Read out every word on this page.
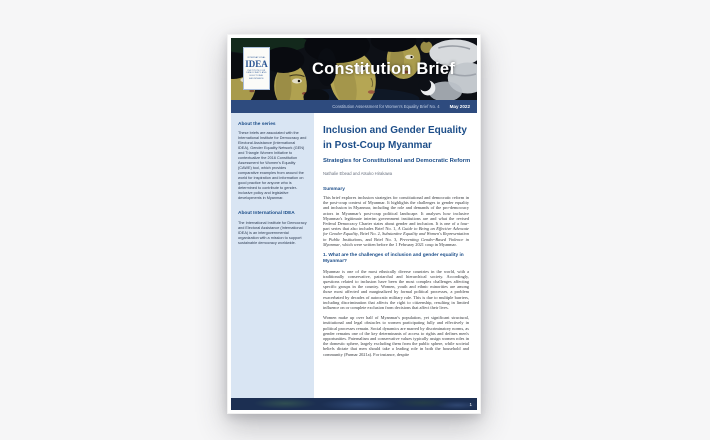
INTERNATIONAL
IDEA
INSTITUTE FOR DEMOCRACY AND ELECTORAL ASSISTANCE
Constitution Brief
Constitution Assessment for Women's Equality Brief No. 4 May 2022
About the series

These briefs are associated with the International Institute for Democracy and Electoral Assistance (International IDEA), Gender Equality Network (GEN) and Triangle Women Initiative to contextualize the 2016 Constitution Assessment for Women's Equality (CAWE) tool, which provides comparative examples from around the world for inspiration and information on good practice for anyone who is determined to contribute to gender-inclusive policy and legislative developments in Myanmar.

About International IDEA

The International Institute for Democracy and Electoral Assistance (International IDEA) is an intergovernmental organization with a mission to support sustainable democracy worldwide.

Inclusion and Gender Equality
in Post-Coup Myanmar
Strategies for Constitutional and Democratic Reform
Nathalie Ebead and Atsuko Hirakawa
Summary

This brief explores inclusion strategies for constitutional and democratic reform in the post-coup context of Myanmar. It highlights the challenges to gender equality and inclusion in Myanmar, including the role and demands of the pro-democracy actors in Myanmar's post-coup political landscape. It analyses how inclusive Myanmar's legitimate interim government institutions are and what the revised Federal Democracy Charter states about gender and inclusion. It is one of a four-part series that also includes Brief No. 1, A Guide to Being an Effective Advocate for Gender Equality, Brief No. 2, Substantive Equality and Women's Representation in Public Institutions, and Brief No. 3, Preventing Gender-Based Violence in Myanmar, which were written before the 1 February 2021 coup in Myanmar.

1. What are the challenges of inclusion and gender equality in Myanmar?

Myanmar is one of the most ethnically diverse countries in the world, with a traditionally conservative, patriarchal and hierarchical society. Accordingly, questions related to inclusion have been the most complex challenges affecting specific groups in the country. Women, youth and ethnic minorities are among those most affected and marginalized by formal political processes, a problem exacerbated by decades of autocratic military rule. This is due to multiple barriers, including discrimination that affects the right to citizenship, resulting in limited influence on or complete exclusion from decisions that affect their lives.

Women make up over half of Myanmar's population, yet significant structural, institutional and legal obstacles to women participating fully and effectively in political processes remain. Social dynamics are marred by discriminatory norms, as gender remains one of the key determinants of access to rights and defines men's opportunities. Paternalism and conservative values typically assign women roles in the domestic sphere, largely excluding them from the public sphere, while societal beliefs dictate that men should take a leading role in both the household and community (Parmar 2021a). For instance, despite

1
